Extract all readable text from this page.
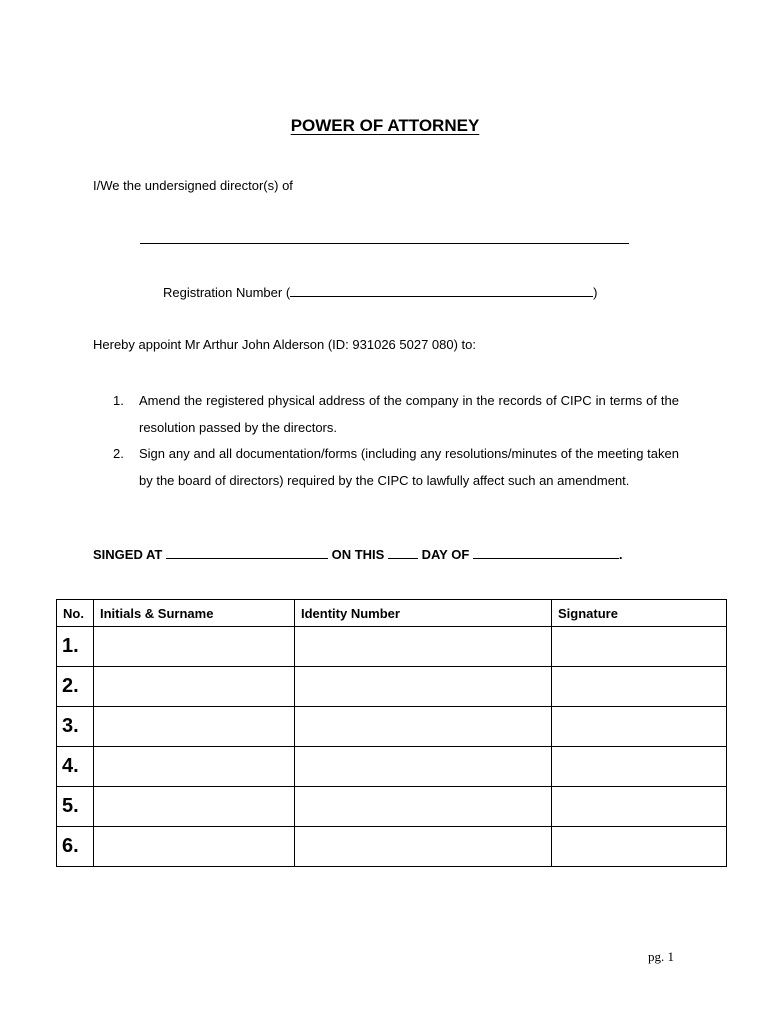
POWER OF ATTORNEY
I/We the undersigned director(s) of
Registration Number (	)
Hereby appoint Mr Arthur John Alderson (ID: 931026 5027 080) to:
1.	Amend the registered physical address of the company in the records of CIPC in terms of the resolution passed by the directors.
2.	Sign any and all documentation/forms (including any resolutions/minutes of the meeting taken by the board of directors) required by the CIPC to lawfully affect such an amendment.
SINGED AT	ON THIS	DAY OF	.
No.	Initials & Surname	Identity Number	Signature
1.			
2.			
3.			
4.			
5.			
6.			
pg. 1
